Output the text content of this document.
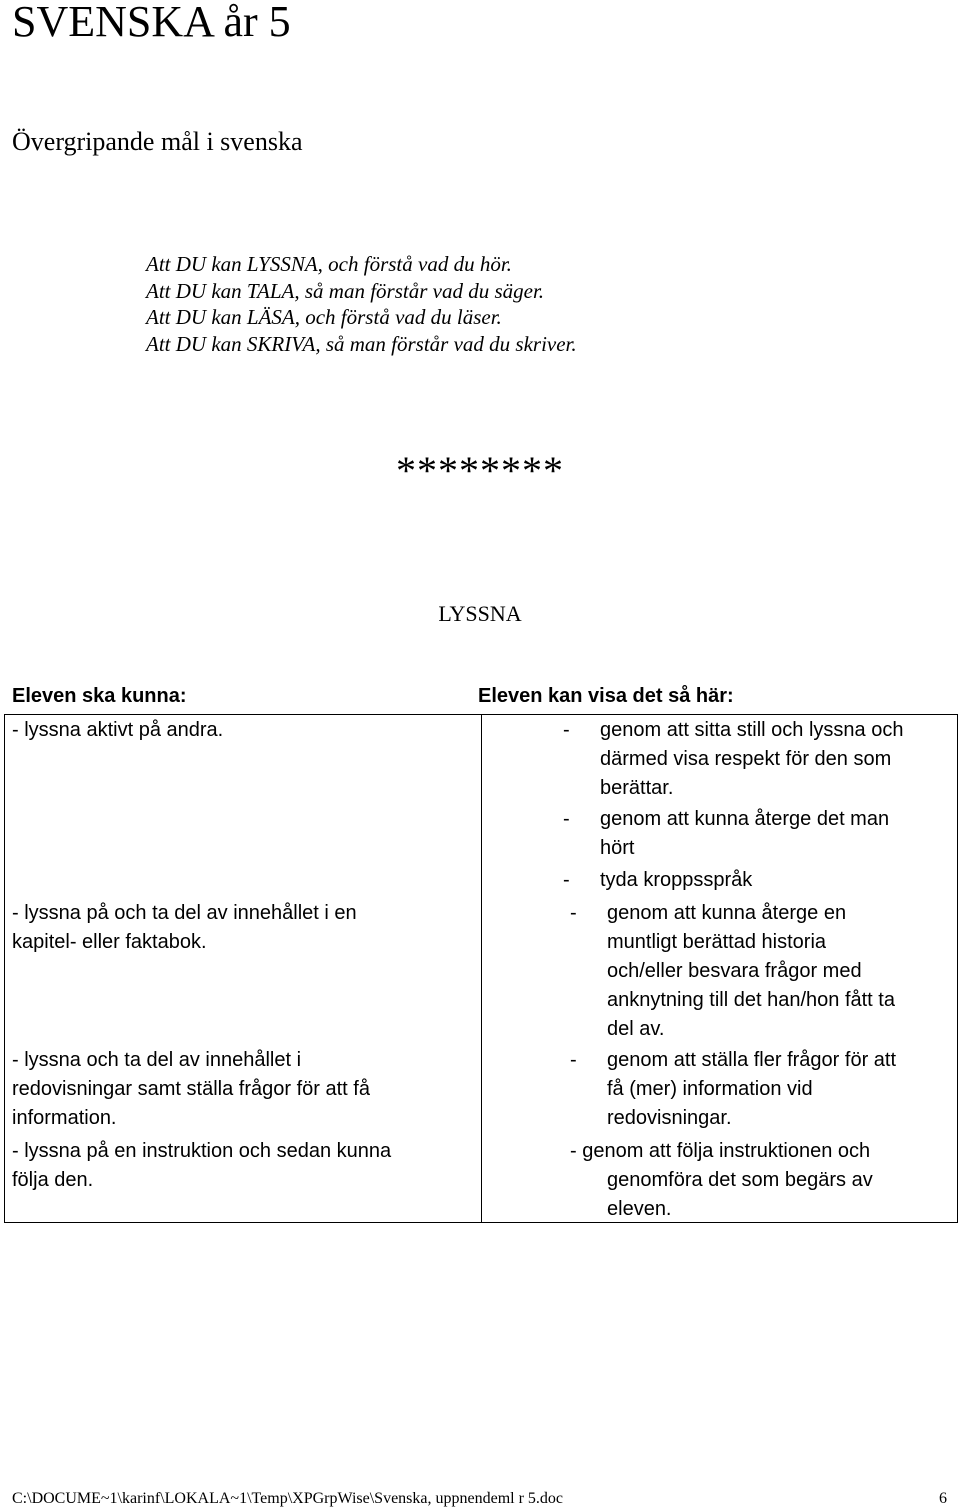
SVENSKA år 5
Övergripande mål i svenska
Att DU kan LYSSNA, och förstå vad du hör.
Att DU kan TALA, så man förstår vad du säger.
Att DU kan LÄSA, och förstå vad du läser.
Att DU kan SKRIVA, så man förstår vad du skriver.
********
LYSSNA
Eleven ska kunna:	Eleven kan visa det så här:
- lyssna aktivt på andra.
- lyssna på och ta del av innehållet i en
kapitel- eller faktabok.
- lyssna och ta del av innehållet i
redovisningar samt ställa frågor för att få
information.
- lyssna på en instruktion och sedan kunna
följa den.
- genom att sitta still och lyssna och
därmed visa respekt för den som
berättar.
- genom att kunna återge det man
hört
- tyda kroppsspråk
- genom att kunna återge en
muntligt berättad historia
och/eller besvara frågor med
anknytning till det han/hon fått ta
del av.
- genom att ställa fler frågor för att
få (mer) information vid
redovisningar.
- genom att följa instruktionen och
genomföra det som begärs av
eleven.
C:\DOCUME~1\karinf\LOKALA~1\Temp\XPGrpWise\Svenska, uppnendeml r 5.doc	6
